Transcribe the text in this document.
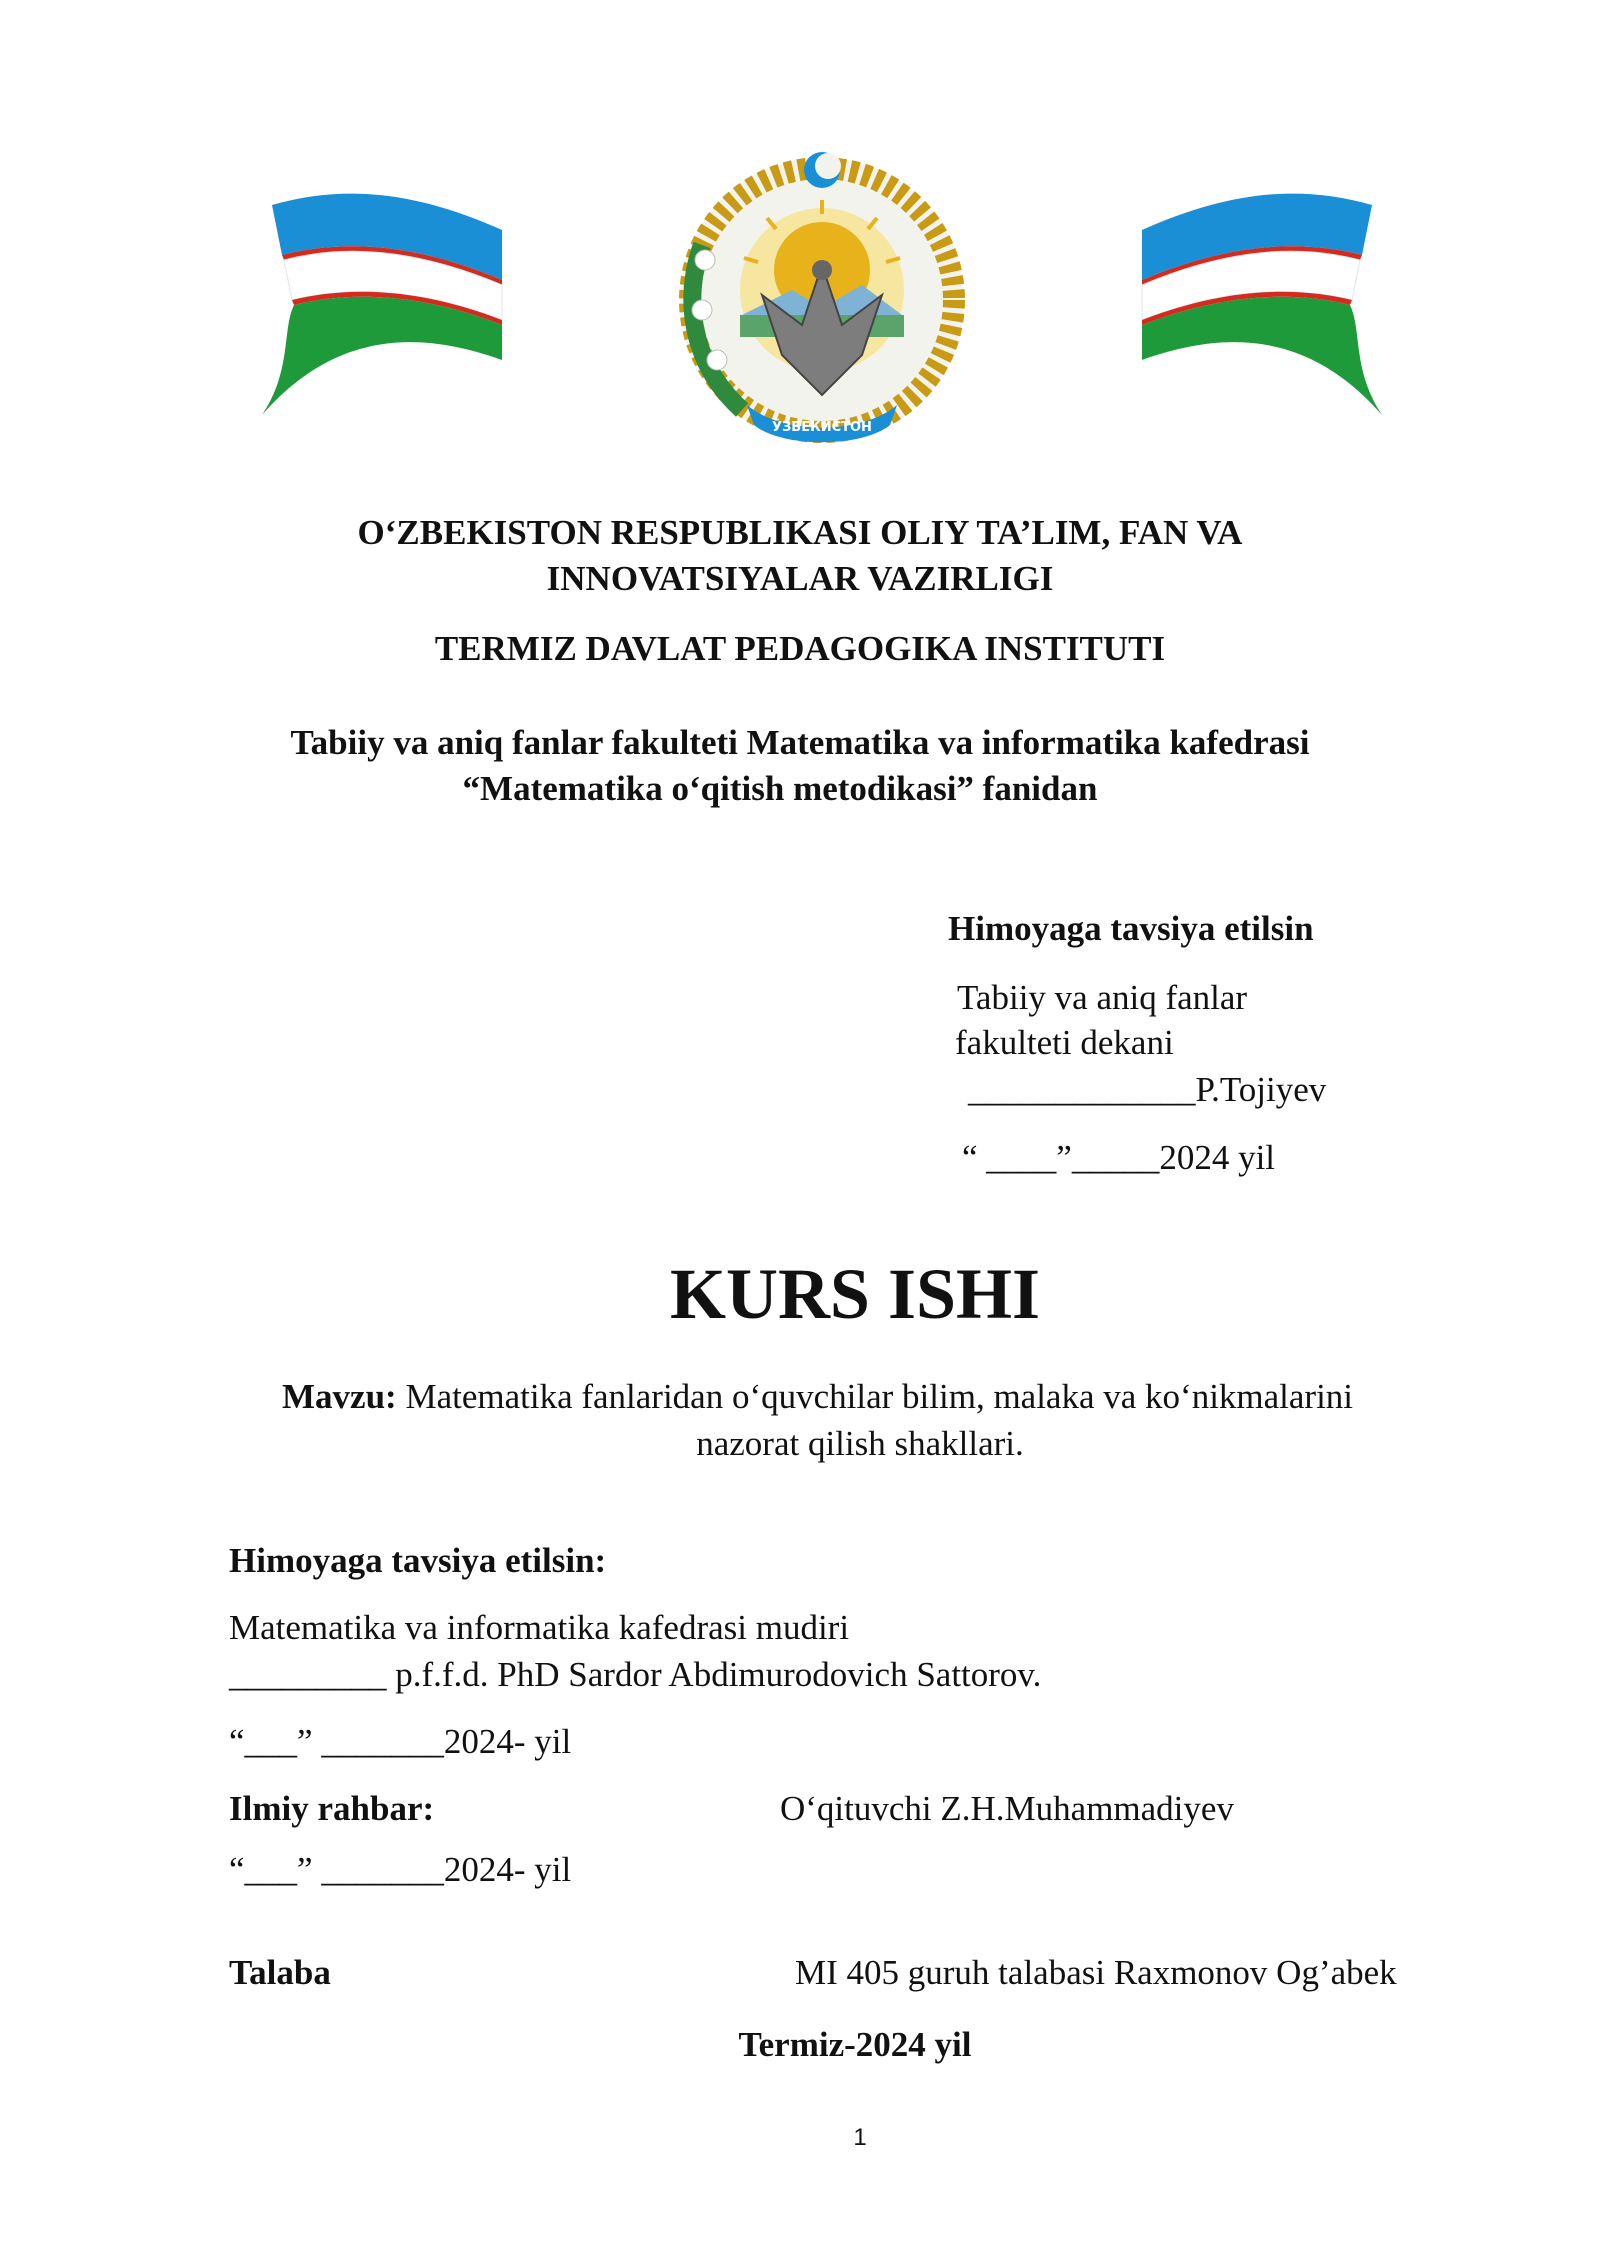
ЎЗБЕКИСТОН
O‘ZBEKISTON RESPUBLIKASI OLIY TA’LIM, FAN VA
INNOVATSIYALAR VAZIRLIGI
TERMIZ DAVLAT PEDAGOGIKA INSTITUTI
Tabiiy va aniq fanlar fakulteti Matematika va informatika kafedrasi
“Matematika o‘qitish metodikasi” fanidan
Himoyaga tavsiya etilsin
Tabiiy va aniq fanlar
fakulteti dekani
_____________P.Tojiyev
“ ____”_____2024 yil
KURS ISHI
Mavzu: Matematika fanlaridan o‘quvchilar bilim, malaka va ko‘nikmalarini
nazorat qilish shakllari.
Himoyaga tavsiya etilsin:
Matematika va informatika kafedrasi mudiri
_________ p.f.f.d. PhD Sardor Abdimurodovich Sattorov.
“___” _______2024- yil
Ilmiy rahbar:	O‘qituvchi Z.H.Muhammadiyev
“___” _______2024- yil
Talaba	MI 405 guruh talabasi Raxmonov Og’abek
Termiz-2024 yil
1
